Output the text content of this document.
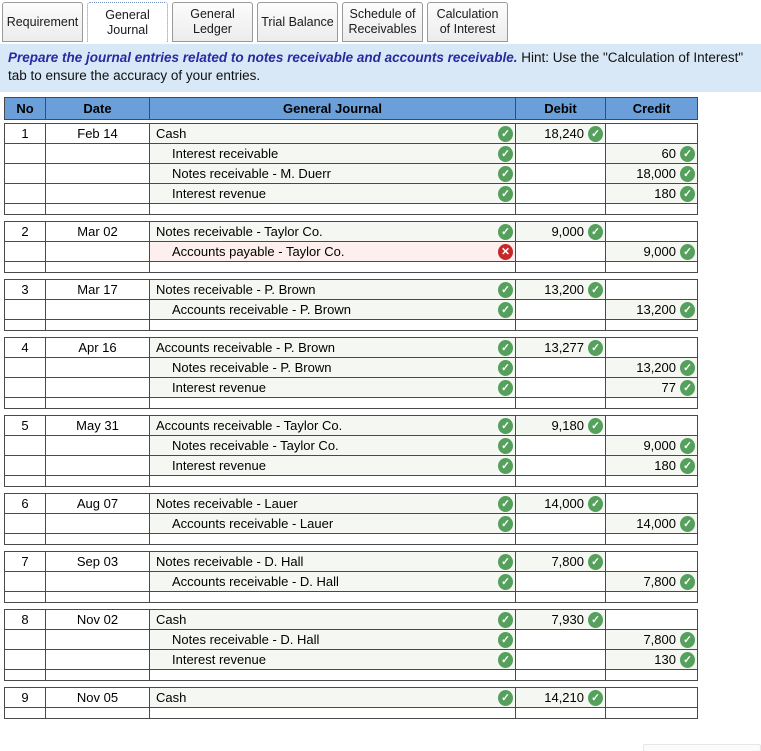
Requirement	General Journal
General Ledger
Trial Balance
Schedule of Receivables
Calculation of Interest
Prepare the journal entries related to notes receivable and accounts receivable. Hint: Use the "Calculation of Interest" tab to ensure the accuracy of your entries.
No	Date	General Journal	Debit	Credit
1	Feb 14	Cash ✓	18,240 ✓	

		Interest receivable ✓		60 ✓

		Notes receivable - M. Duerr ✓		18,000 ✓

		Interest revenue ✓		180 ✓

2	Mar 02	Notes receivable - Taylor Co. ✓	9,000 ✓	

		Accounts payable - Taylor Co. ✕		9,000 ✓

3	Mar 17	Notes receivable - P. Brown ✓	13,200 ✓	

		Accounts receivable - P. Brown ✓		13,200 ✓

4	Apr 16	Accounts receivable - P. Brown ✓	13,277 ✓	

		Notes receivable - P. Brown ✓		13,200 ✓

		Interest revenue ✓		77 ✓

5	May 31	Accounts receivable - Taylor Co. ✓	9,180 ✓	

		Notes receivable - Taylor Co. ✓		9,000 ✓

		Interest revenue ✓		180 ✓

6	Aug 07	Notes receivable - Lauer ✓	14,000 ✓	

		Accounts receivable - Lauer ✓		14,000 ✓

7	Sep 03	Notes receivable - D. Hall ✓	7,800 ✓	

		Accounts receivable - D. Hall ✓		7,800 ✓

8	Nov 02	Cash ✓	7,930 ✓	

		Notes receivable - D. Hall ✓		7,800 ✓

		Interest revenue ✓		130 ✓

9	Nov 05	Cash ✓	14,210 ✓	
